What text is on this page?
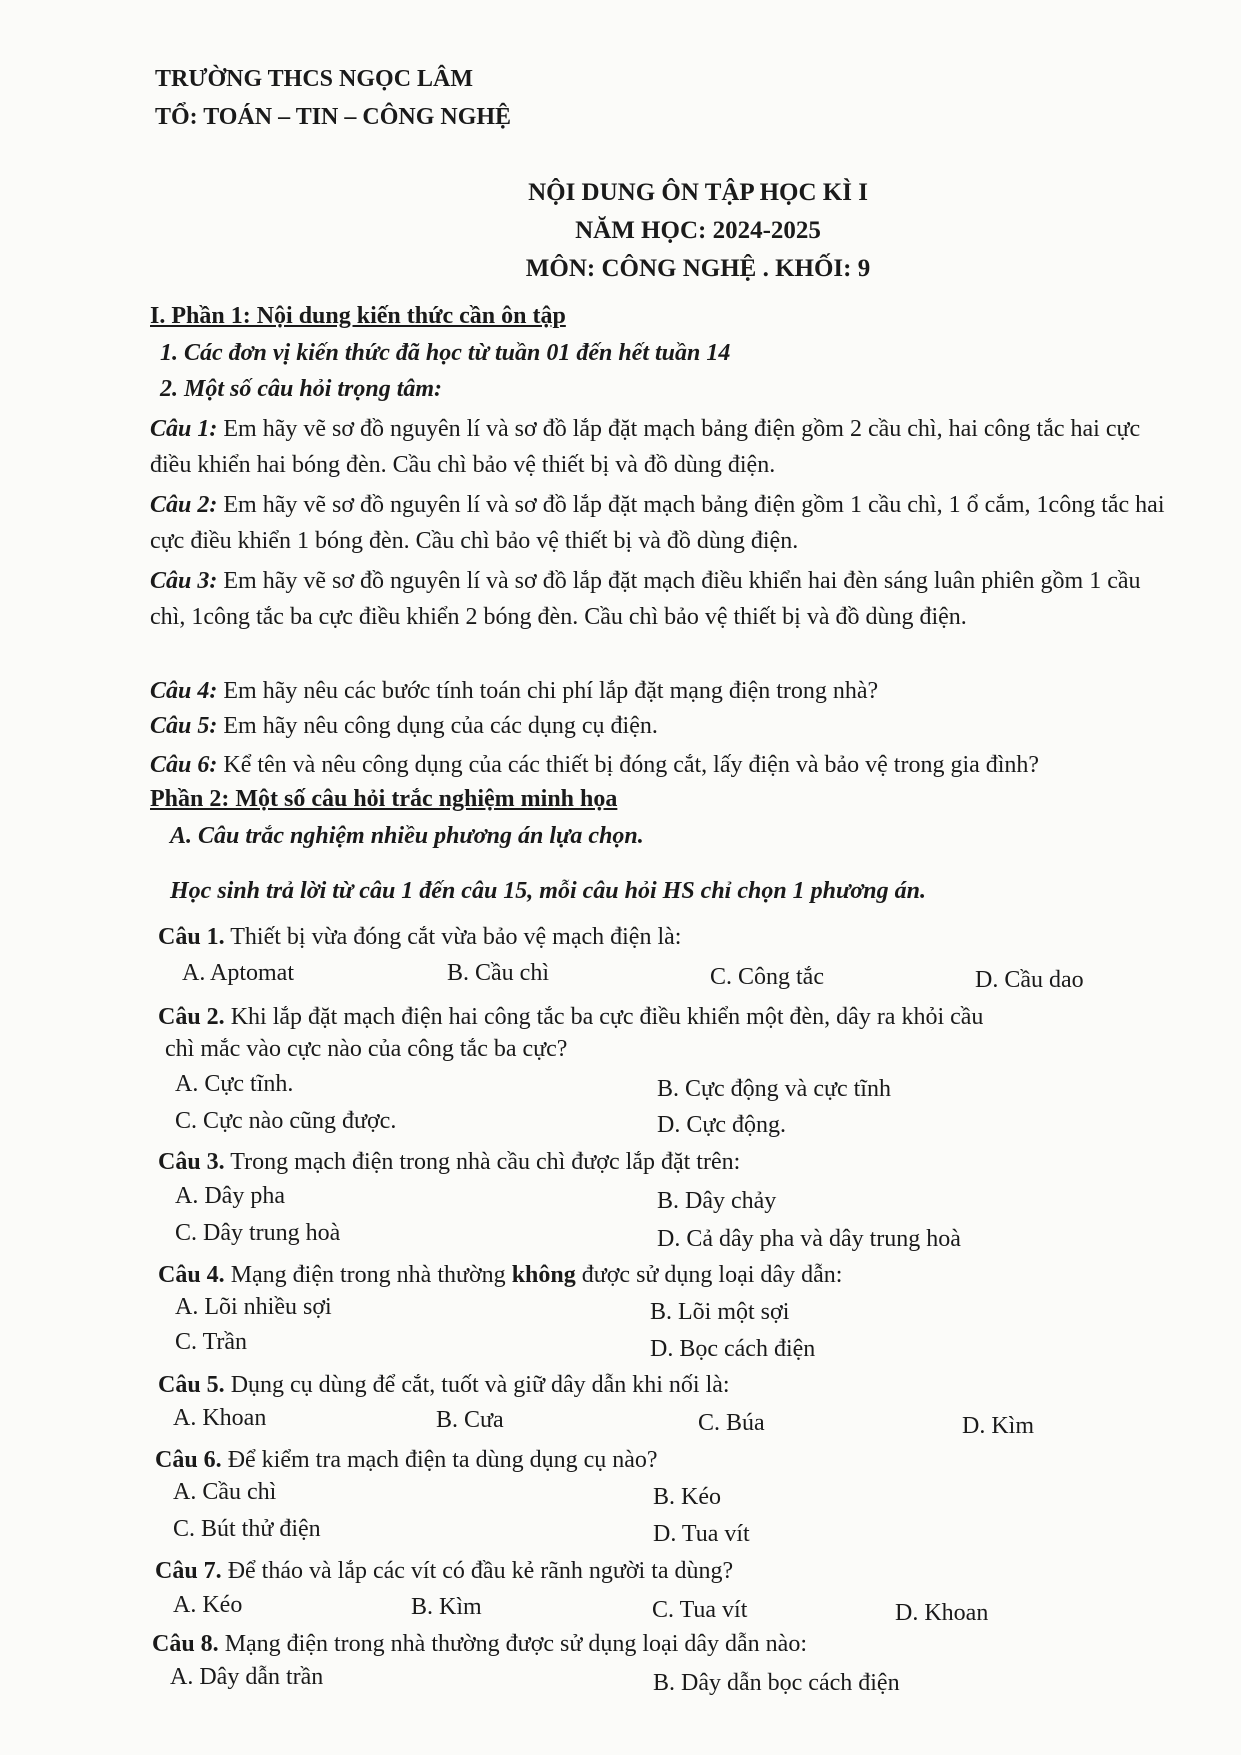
TRƯỜNG THCS NGỌC LÂM
TỔ: TOÁN – TIN – CÔNG NGHỆ
NỘI DUNG ÔN TẬP HỌC KÌ I
NĂM HỌC: 2024-2025
MÔN: CÔNG NGHỆ . KHỐI: 9
I. Phần 1: Nội dung kiến thức cần ôn tập
1. Các đơn vị kiến thức đã học từ tuần 01 đến hết tuần 14
2. Một số câu hỏi trọng tâm:
Câu 1: Em hãy vẽ sơ đồ nguyên lí và sơ đồ lắp đặt mạch bảng điện gồm 2 cầu chì, hai công tắc hai cực điều khiển hai bóng đèn. Cầu chì bảo vệ thiết bị và đồ dùng điện.
Câu 2: Em hãy vẽ sơ đồ nguyên lí và sơ đồ lắp đặt mạch bảng điện gồm 1 cầu chì, 1 ổ cắm, 1công tắc hai cực điều khiển 1 bóng đèn. Cầu chì bảo vệ thiết bị và đồ dùng điện.
Câu 3: Em hãy vẽ sơ đồ nguyên lí và sơ đồ lắp đặt mạch điều khiển hai đèn sáng luân phiên gồm 1 cầu chì, 1công tắc ba cực điều khiển 2 bóng đèn. Cầu chì bảo vệ thiết bị và đồ dùng điện.
Câu 4: Em hãy nêu các bước tính toán chi phí lắp đặt mạng điện trong nhà?
Câu 5: Em hãy nêu công dụng của các dụng cụ điện.
Câu 6: Kể tên và nêu công dụng của các thiết bị đóng cắt, lấy điện và bảo vệ trong gia đình?
Phần 2: Một số câu hỏi trắc nghiệm minh họa
A. Câu trắc nghiệm nhiều phương án lựa chọn.
Học sinh trả lời từ câu 1 đến câu 15, mỗi câu hỏi HS chỉ chọn 1 phương án.
Câu 1. Thiết bị vừa đóng cắt vừa bảo vệ mạch điện là:
A. Aptomat	B. Cầu chì	C. Công tắc	D. Cầu dao
Câu 2. Khi lắp đặt mạch điện hai công tắc ba cực điều khiển một đèn, dây ra khỏi cầu
chì mắc vào cực nào của công tắc ba cực?
A. Cực tĩnh.	B. Cực động và cực tĩnh
C. Cực nào cũng được.	D. Cực động.
Câu 3. Trong mạch điện trong nhà cầu chì được lắp đặt trên:
A. Dây pha	B. Dây chảy
C. Dây trung hoà	D. Cả dây pha và dây trung hoà
Câu 4. Mạng điện trong nhà thường không được sử dụng loại dây dẫn:
A. Lõi nhiều sợi	B. Lõi một sợi
C. Trần	D. Bọc cách điện
Câu 5. Dụng cụ dùng để cắt, tuốt và giữ dây dẫn khi nối là:
A. Khoan	B. Cưa	C. Búa	D. Kìm
Câu 6. Để kiểm tra mạch điện ta dùng dụng cụ nào?
A. Cầu chì	B. Kéo
C. Bút thử điện	D. Tua vít
Câu 7. Để tháo và lắp các vít có đầu kẻ rãnh người ta dùng?
A. Kéo	B. Kìm	C. Tua vít	D. Khoan
Câu 8. Mạng điện trong nhà thường được sử dụng loại dây dẫn nào:
A. Dây dẫn trần	B. Dây dẫn bọc cách điện
